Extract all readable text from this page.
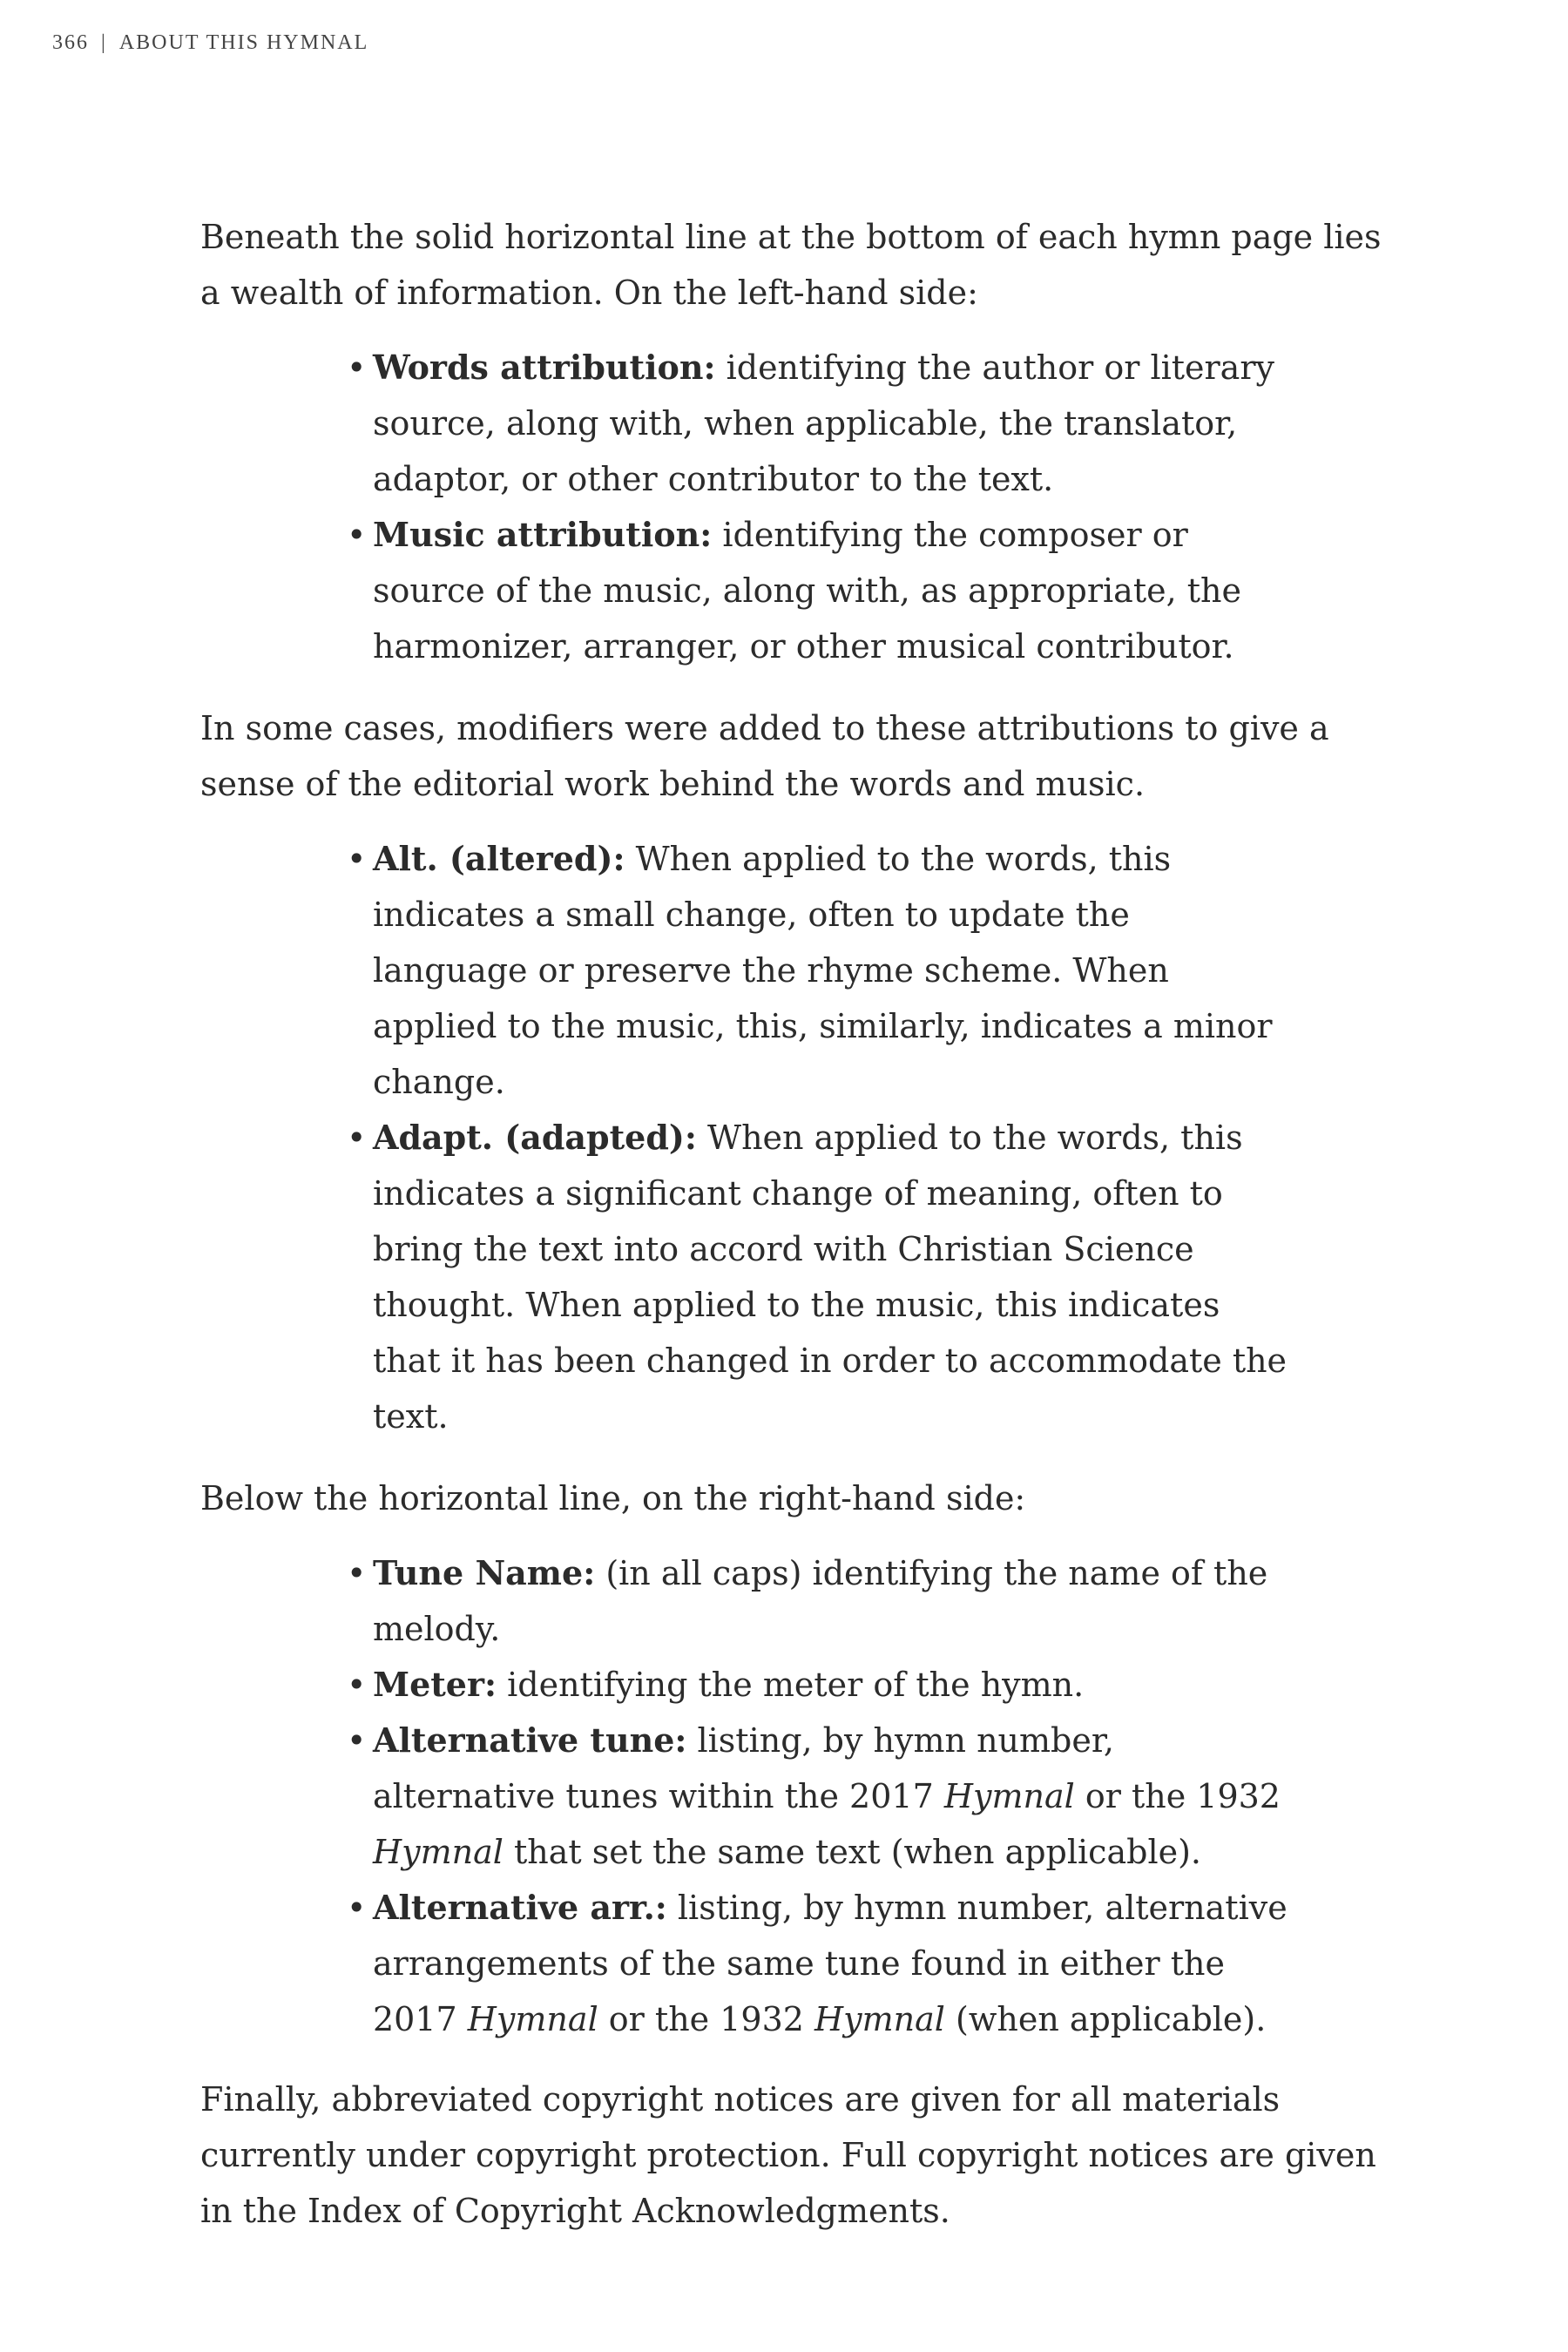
366 | ABOUT THIS HYMNAL

Beneath the solid horizontal line at the bottom of each hymn page lies a wealth of information. On the left-hand side:

• Words attribution: identifying the author or literary source, along with, when applicable, the translator, adaptor, or other contributor to the text.
• Music attribution: identifying the composer or source of the music, along with, as appropriate, the harmonizer, arranger, or other musical contributor.

In some cases, modifiers were added to these attributions to give a sense of the editorial work behind the words and music.

• Alt. (altered): When applied to the words, this indicates a small change, often to update the language or preserve the rhyme scheme. When applied to the music, this, similarly, indicates a minor change.
• Adapt. (adapted): When applied to the words, this indicates a significant change of meaning, often to bring the text into accord with Christian Science thought. When applied to the music, this indicates that it has been changed in order to accommodate the text.

Below the horizontal line, on the right-hand side:

• Tune Name: (in all caps) identifying the name of the melody.
• Meter: identifying the meter of the hymn.
• Alternative tune: listing, by hymn number, alternative tunes within the 2017 Hymnal or the 1932 Hymnal that set the same text (when applicable).
• Alternative arr.: listing, by hymn number, alternative arrangements of the same tune found in either the 2017 Hymnal or the 1932 Hymnal (when applicable).

Finally, abbreviated copyright notices are given for all materials currently under copyright protection. Full copyright notices are given in the Index of Copyright Acknowledgments.
